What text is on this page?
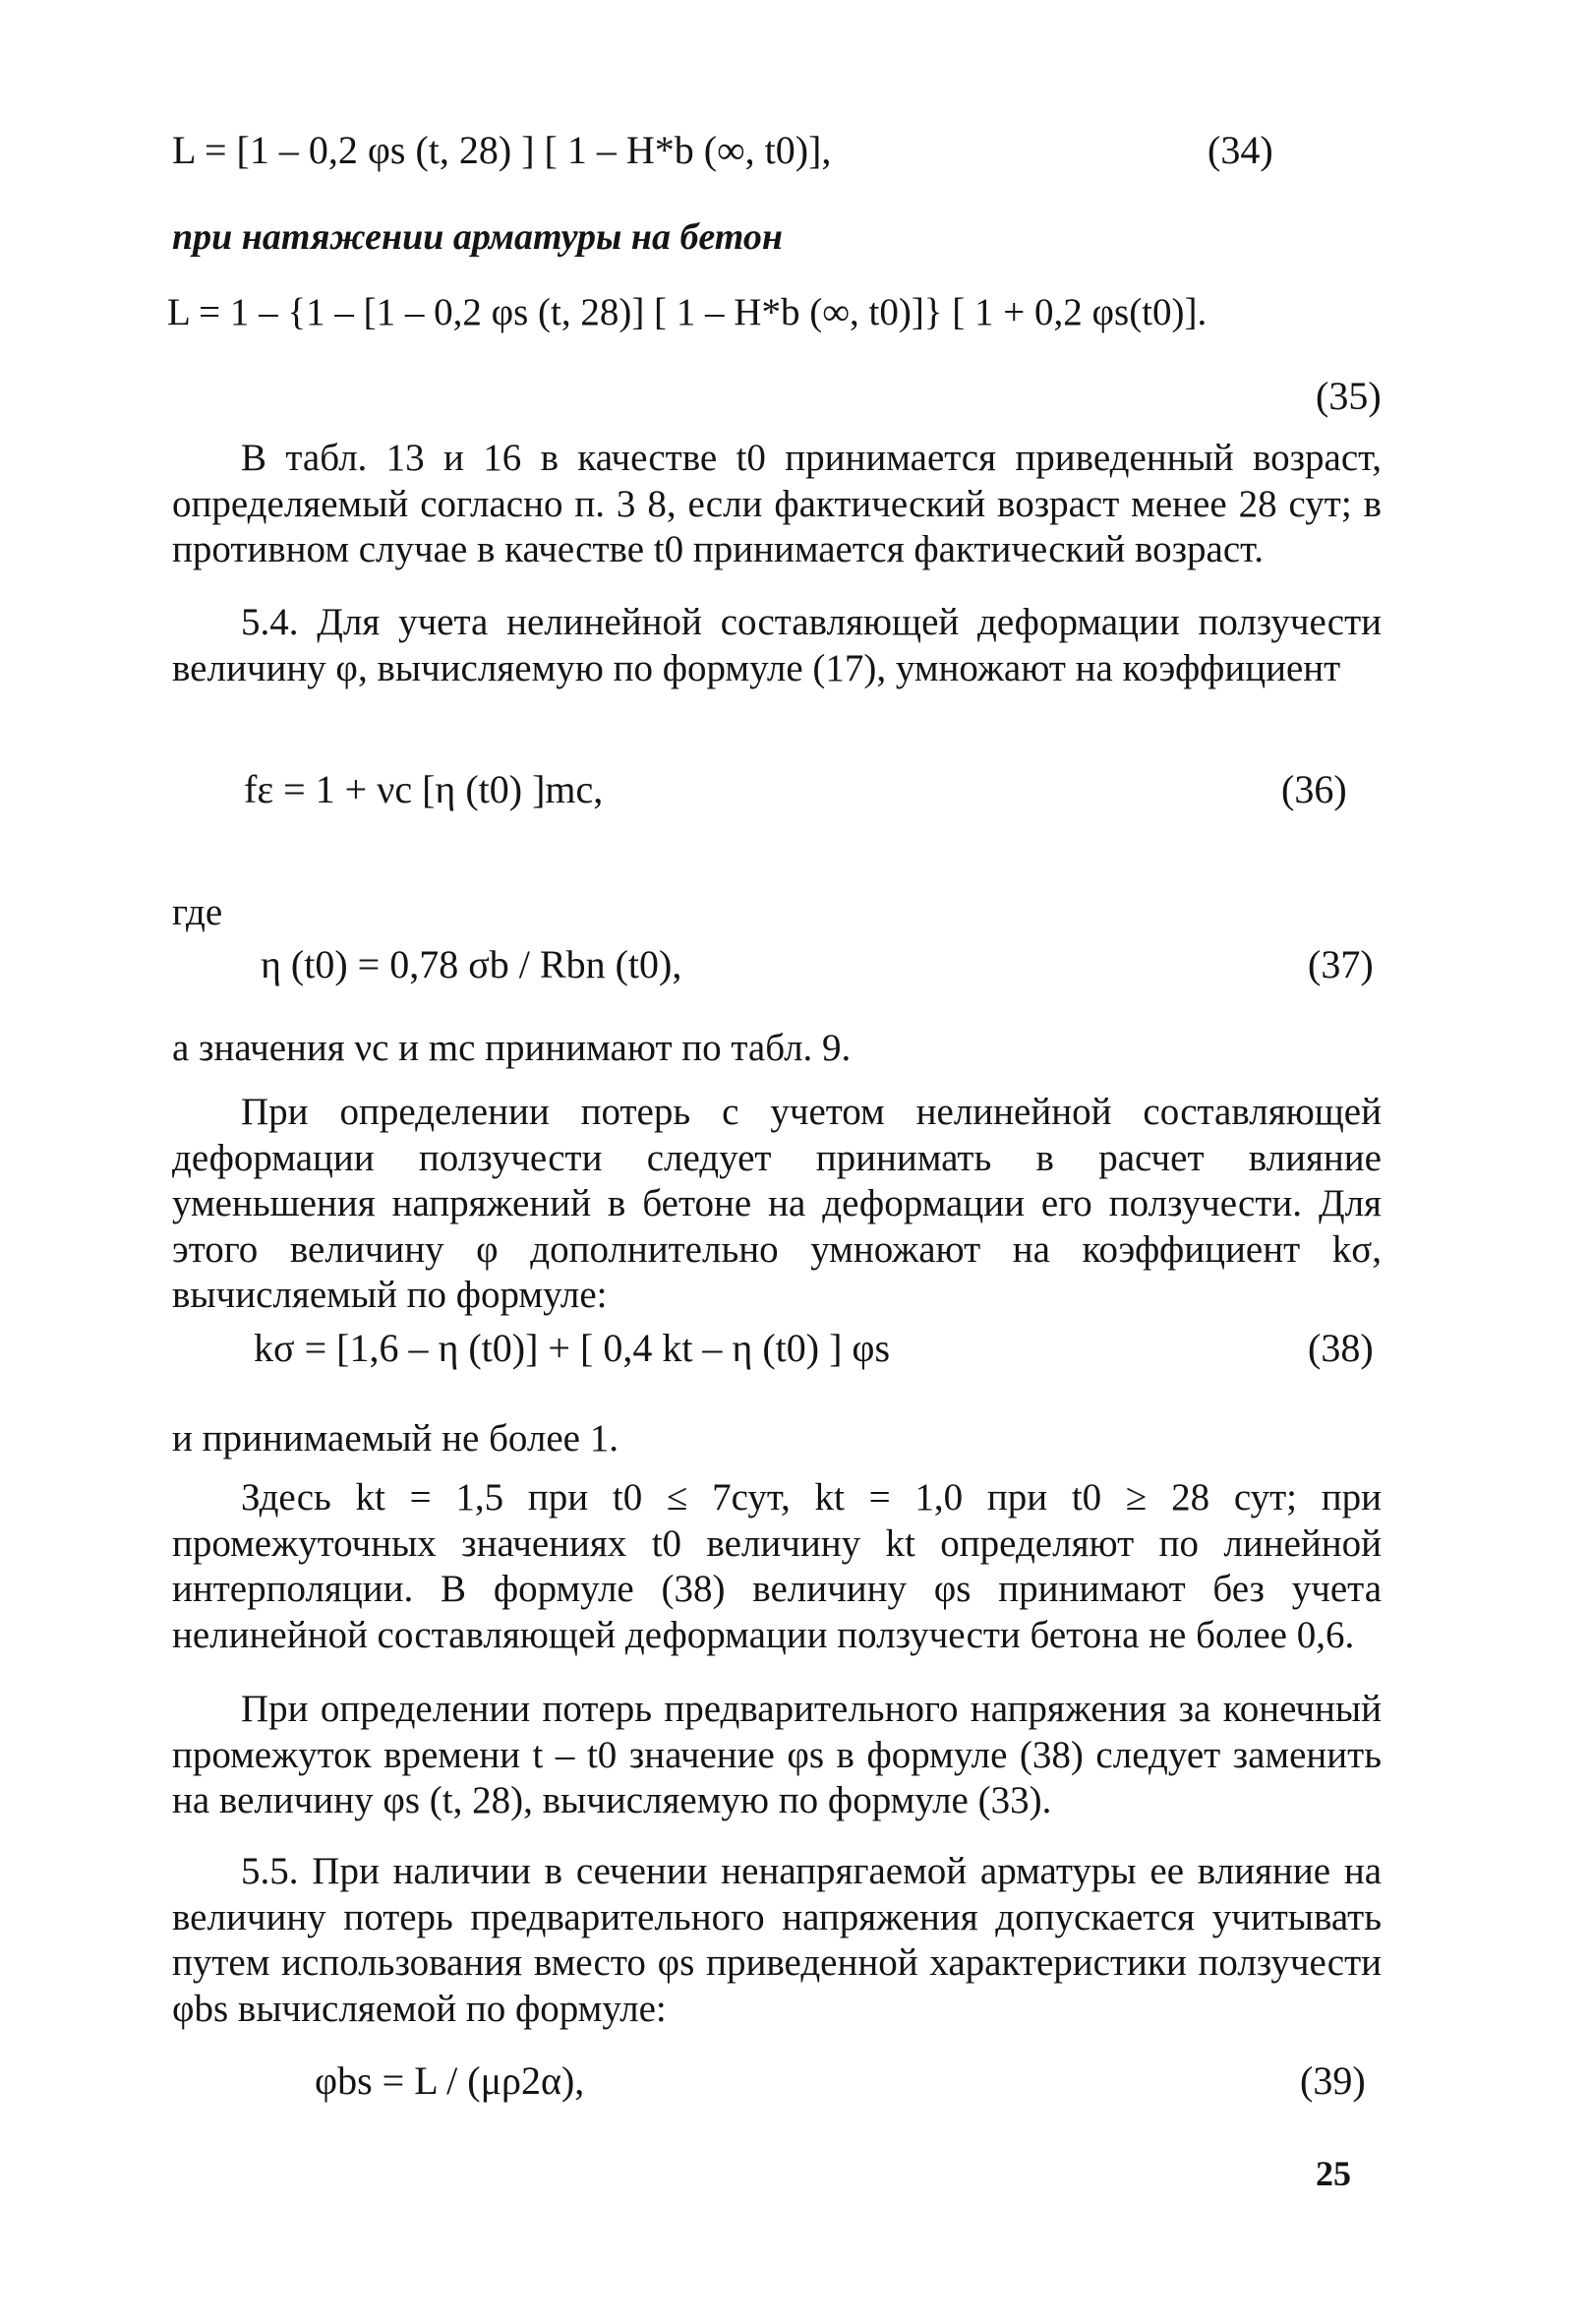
L = [1 – 0,2 φs (t, 28) ] [ 1 – H*b (∞, t0)],	(34)
при натяжении арматуры на бетон
L = 1 – {1 – [1 – 0,2 φs (t, 28)] [ 1 – H*b (∞, t0)]} [ 1 + 0,2 φs(t0)].
(35)

В табл. 13 и 16 в качестве t0 принимается приведенный возраст, определяемый согласно п. 3 8, если фактический возраст менее 28 сут; в противном случае в качестве t0 принимается фактический возраст.

5.4. Для учета нелинейной составляющей деформации ползучести величину φ, вычисляемую по формуле (17), умножают на коэффициент

fε = 1 + νc [η (t0) ]mc,	(36)
где
η (t0) = 0,78 σb / Rbn (t0),	(37)
а значения νc и mc принимают по табл. 9.

При определении потерь с учетом нелинейной составляющей деформации ползучести следует принимать в расчет влияние уменьшения напряжений в бетоне на деформации его ползучести. Для этого величину φ дополнительно умножают на коэффициент kσ, вычисляемый по формуле:

kσ = [1,6 – η (t0)] + [ 0,4 kt – η (t0) ] φs	(38)
и принимаемый не более 1.

Здесь kt = 1,5 при t0 ≤ 7сут, kt = 1,0 при t0 ≥ 28 сут; при промежуточных значениях t0 величину kt определяют по линейной интерполяции. В формуле (38) величину φs принимают без учета нелинейной составляющей деформации ползучести бетона не более 0,6.

При определении потерь предварительного напряжения за конечный промежуток времени t – t0 значение φs в формуле (38) следует заменить на величину φs (t, 28), вычисляемую по формуле (33).

5.5. При наличии в сечении ненапрягаемой арматуры ее влияние на величину потерь предварительного напряжения допускается учитывать путем использования вместо φs приведенной характеристики ползучести φbs вычисляемой по формуле:

φbs = L / (μρ2α),	(39)
25
